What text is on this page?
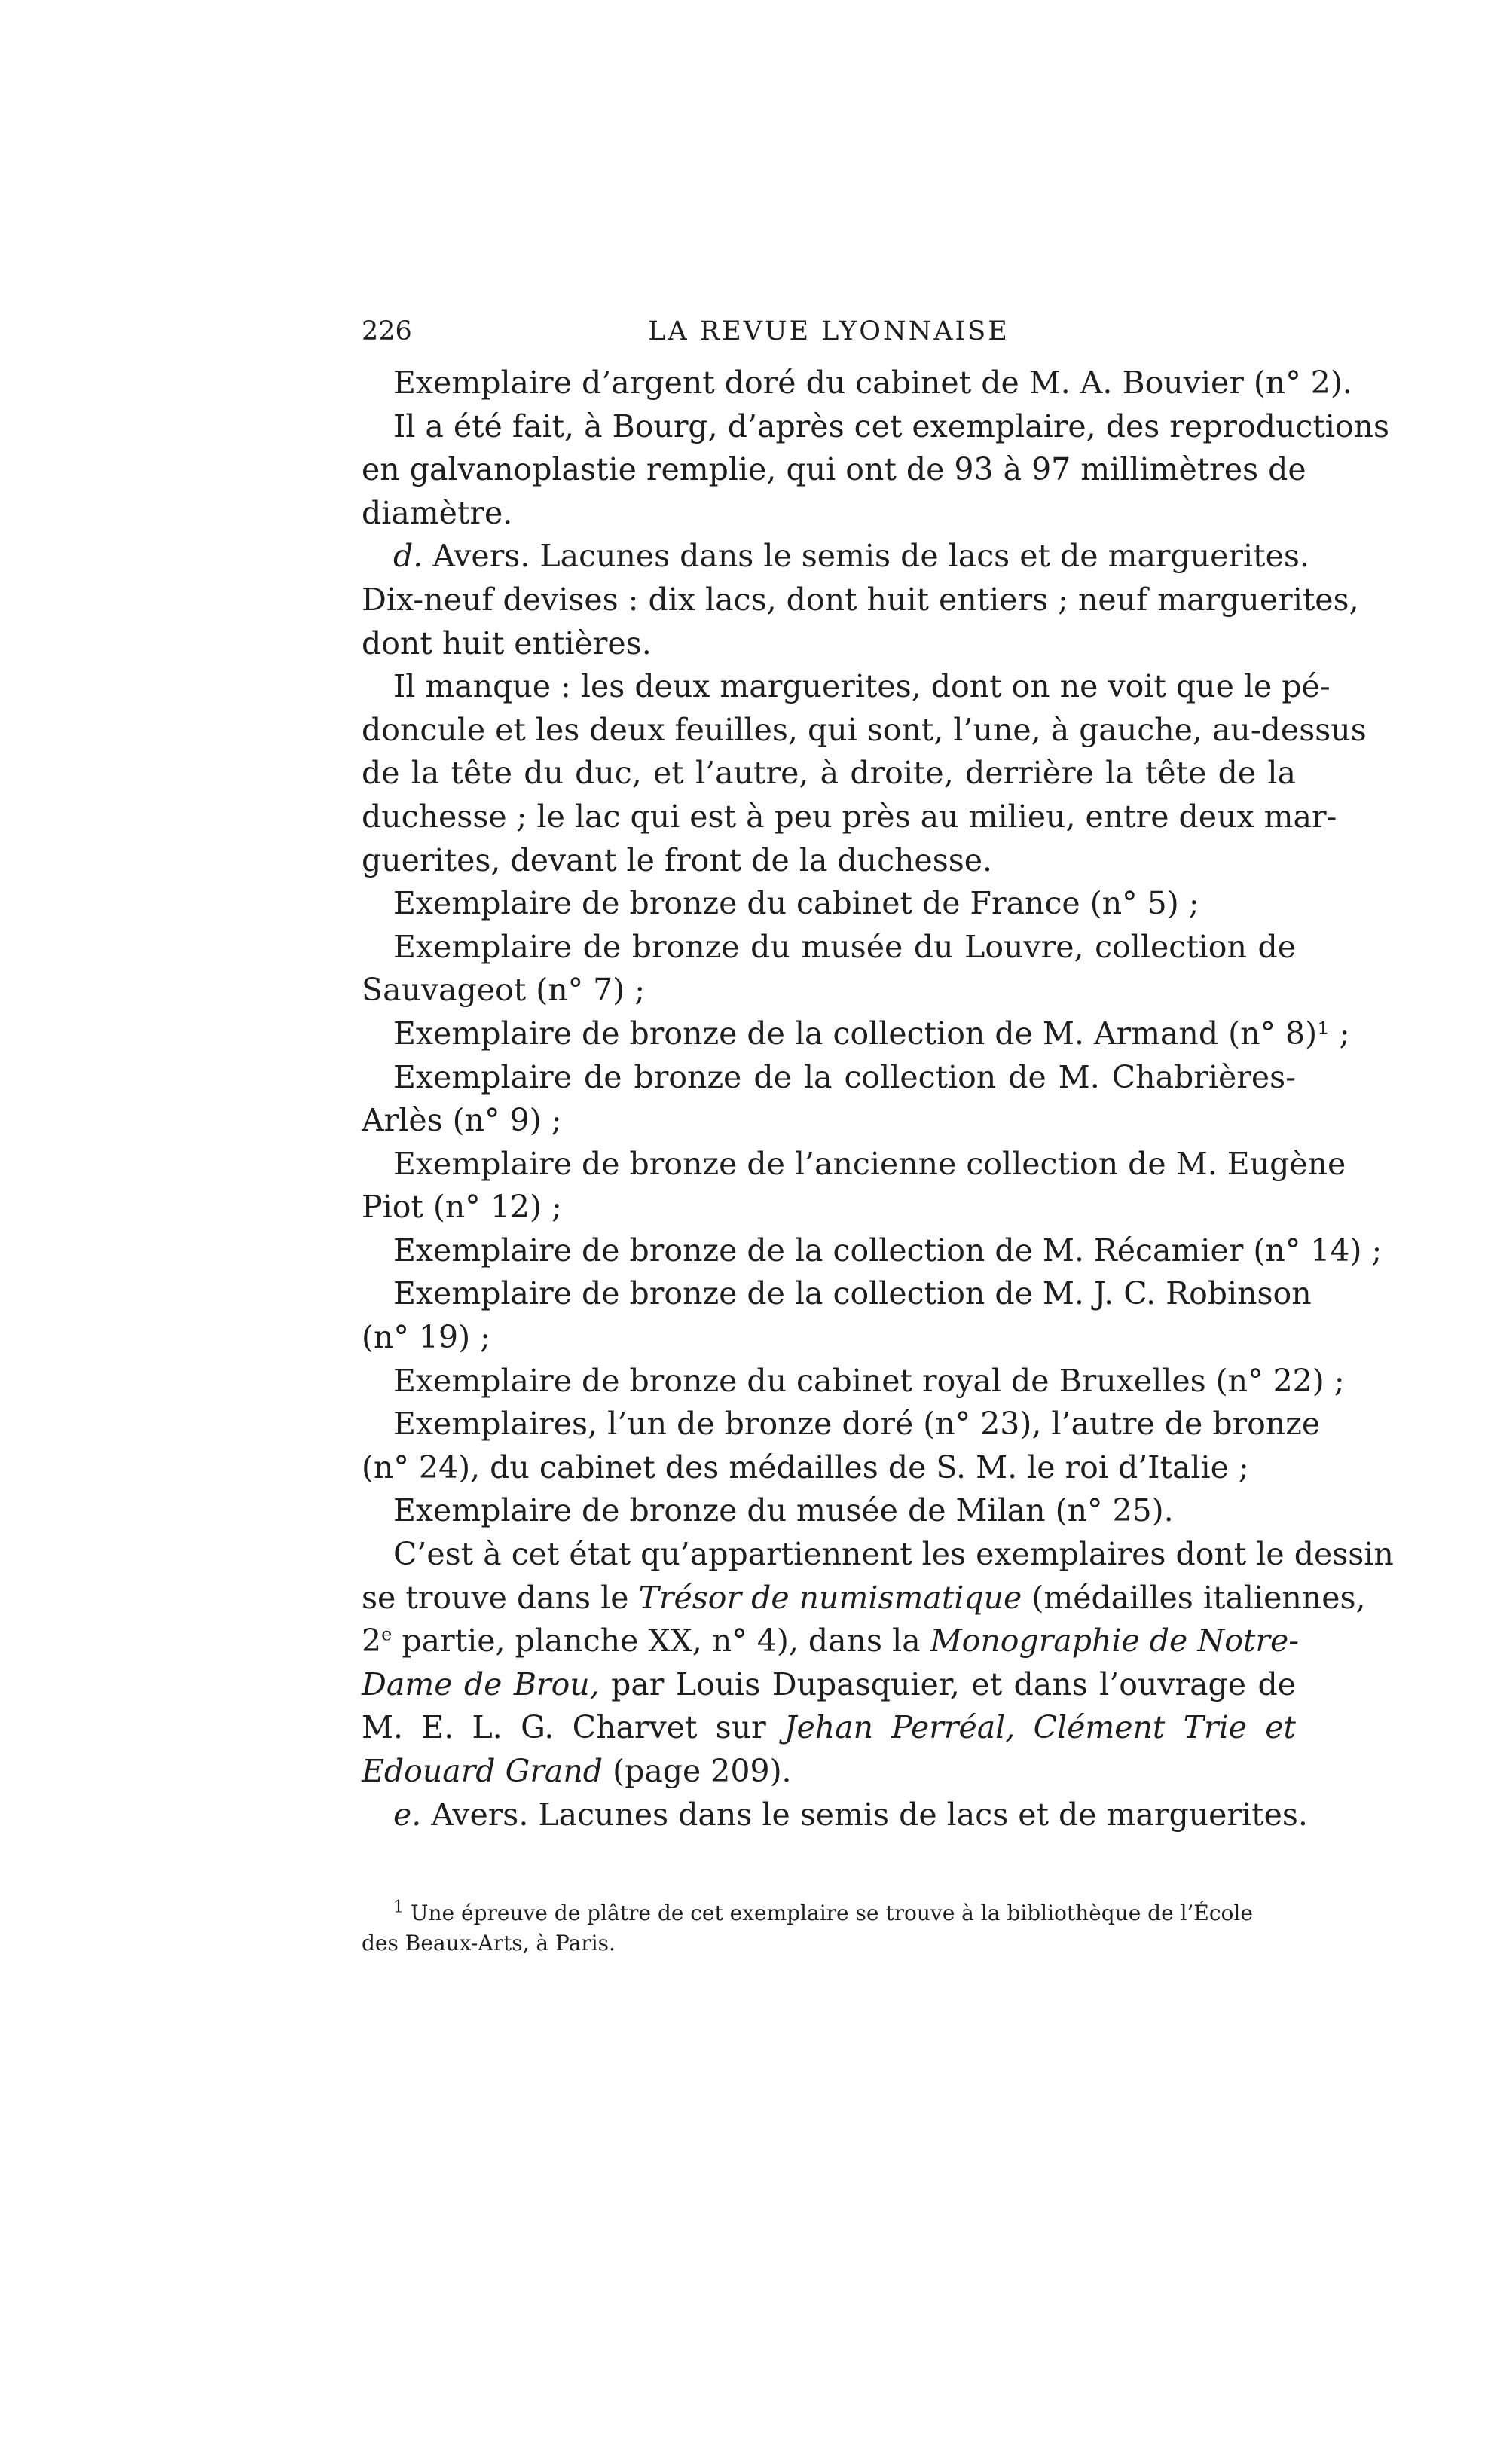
226	LA REVUE LYONNAISE
Exemplaire d’argent doré du cabinet de M. A. Bouvier (n° 2).
Il a été fait, à Bourg, d’après cet exemplaire, des reproductions
en galvanoplastie remplie, qui ont de 93 à 97 millimètres de
diamètre.
d. Avers. Lacunes dans le semis de lacs et de marguerites.
Dix-neuf devises : dix lacs, dont huit entiers ; neuf marguerites,
dont huit entières.
Il manque : les deux marguerites, dont on ne voit que le pé-
doncule et les deux feuilles, qui sont, l’une, à gauche, au-dessus
de la tête du duc, et l’autre, à droite, derrière la tête de la
duchesse ; le lac qui est à peu près au milieu, entre deux mar-
guerites, devant le front de la duchesse.
Exemplaire de bronze du cabinet de France (n° 5) ;
Exemplaire de bronze du musée du Louvre, collection de
Sauvageot (n° 7) ;
Exemplaire de bronze de la collection de M. Armand (n° 8)¹ ;
Exemplaire de bronze de la collection de M. Chabrières-
Arlès (n° 9) ;
Exemplaire de bronze de l’ancienne collection de M. Eugène
Piot (n° 12) ;
Exemplaire de bronze de la collection de M. Récamier (n° 14) ;
Exemplaire de bronze de la collection de M. J. C. Robinson
(n° 19) ;
Exemplaire de bronze du cabinet royal de Bruxelles (n° 22) ;
Exemplaires, l’un de bronze doré (n° 23), l’autre de bronze
(n° 24), du cabinet des médailles de S. M. le roi d’Italie ;
Exemplaire de bronze du musée de Milan (n° 25).
C’est à cet état qu’appartiennent les exemplaires dont le dessin
se trouve dans le Trésor de numismatique (médailles italiennes,
2e partie, planche XX, n° 4), dans la Monographie de Notre-
Dame de Brou, par Louis Dupasquier, et dans l’ouvrage de
M. E. L. G. Charvet sur Jehan Perréal, Clément Trie et
Edouard Grand (page 209).
e. Avers. Lacunes dans le semis de lacs et de marguerites.
$^1$ Une épreuve de plâtre de cet exemplaire se trouve à la bibliothèque de l’École
des Beaux-Arts, à Paris.
